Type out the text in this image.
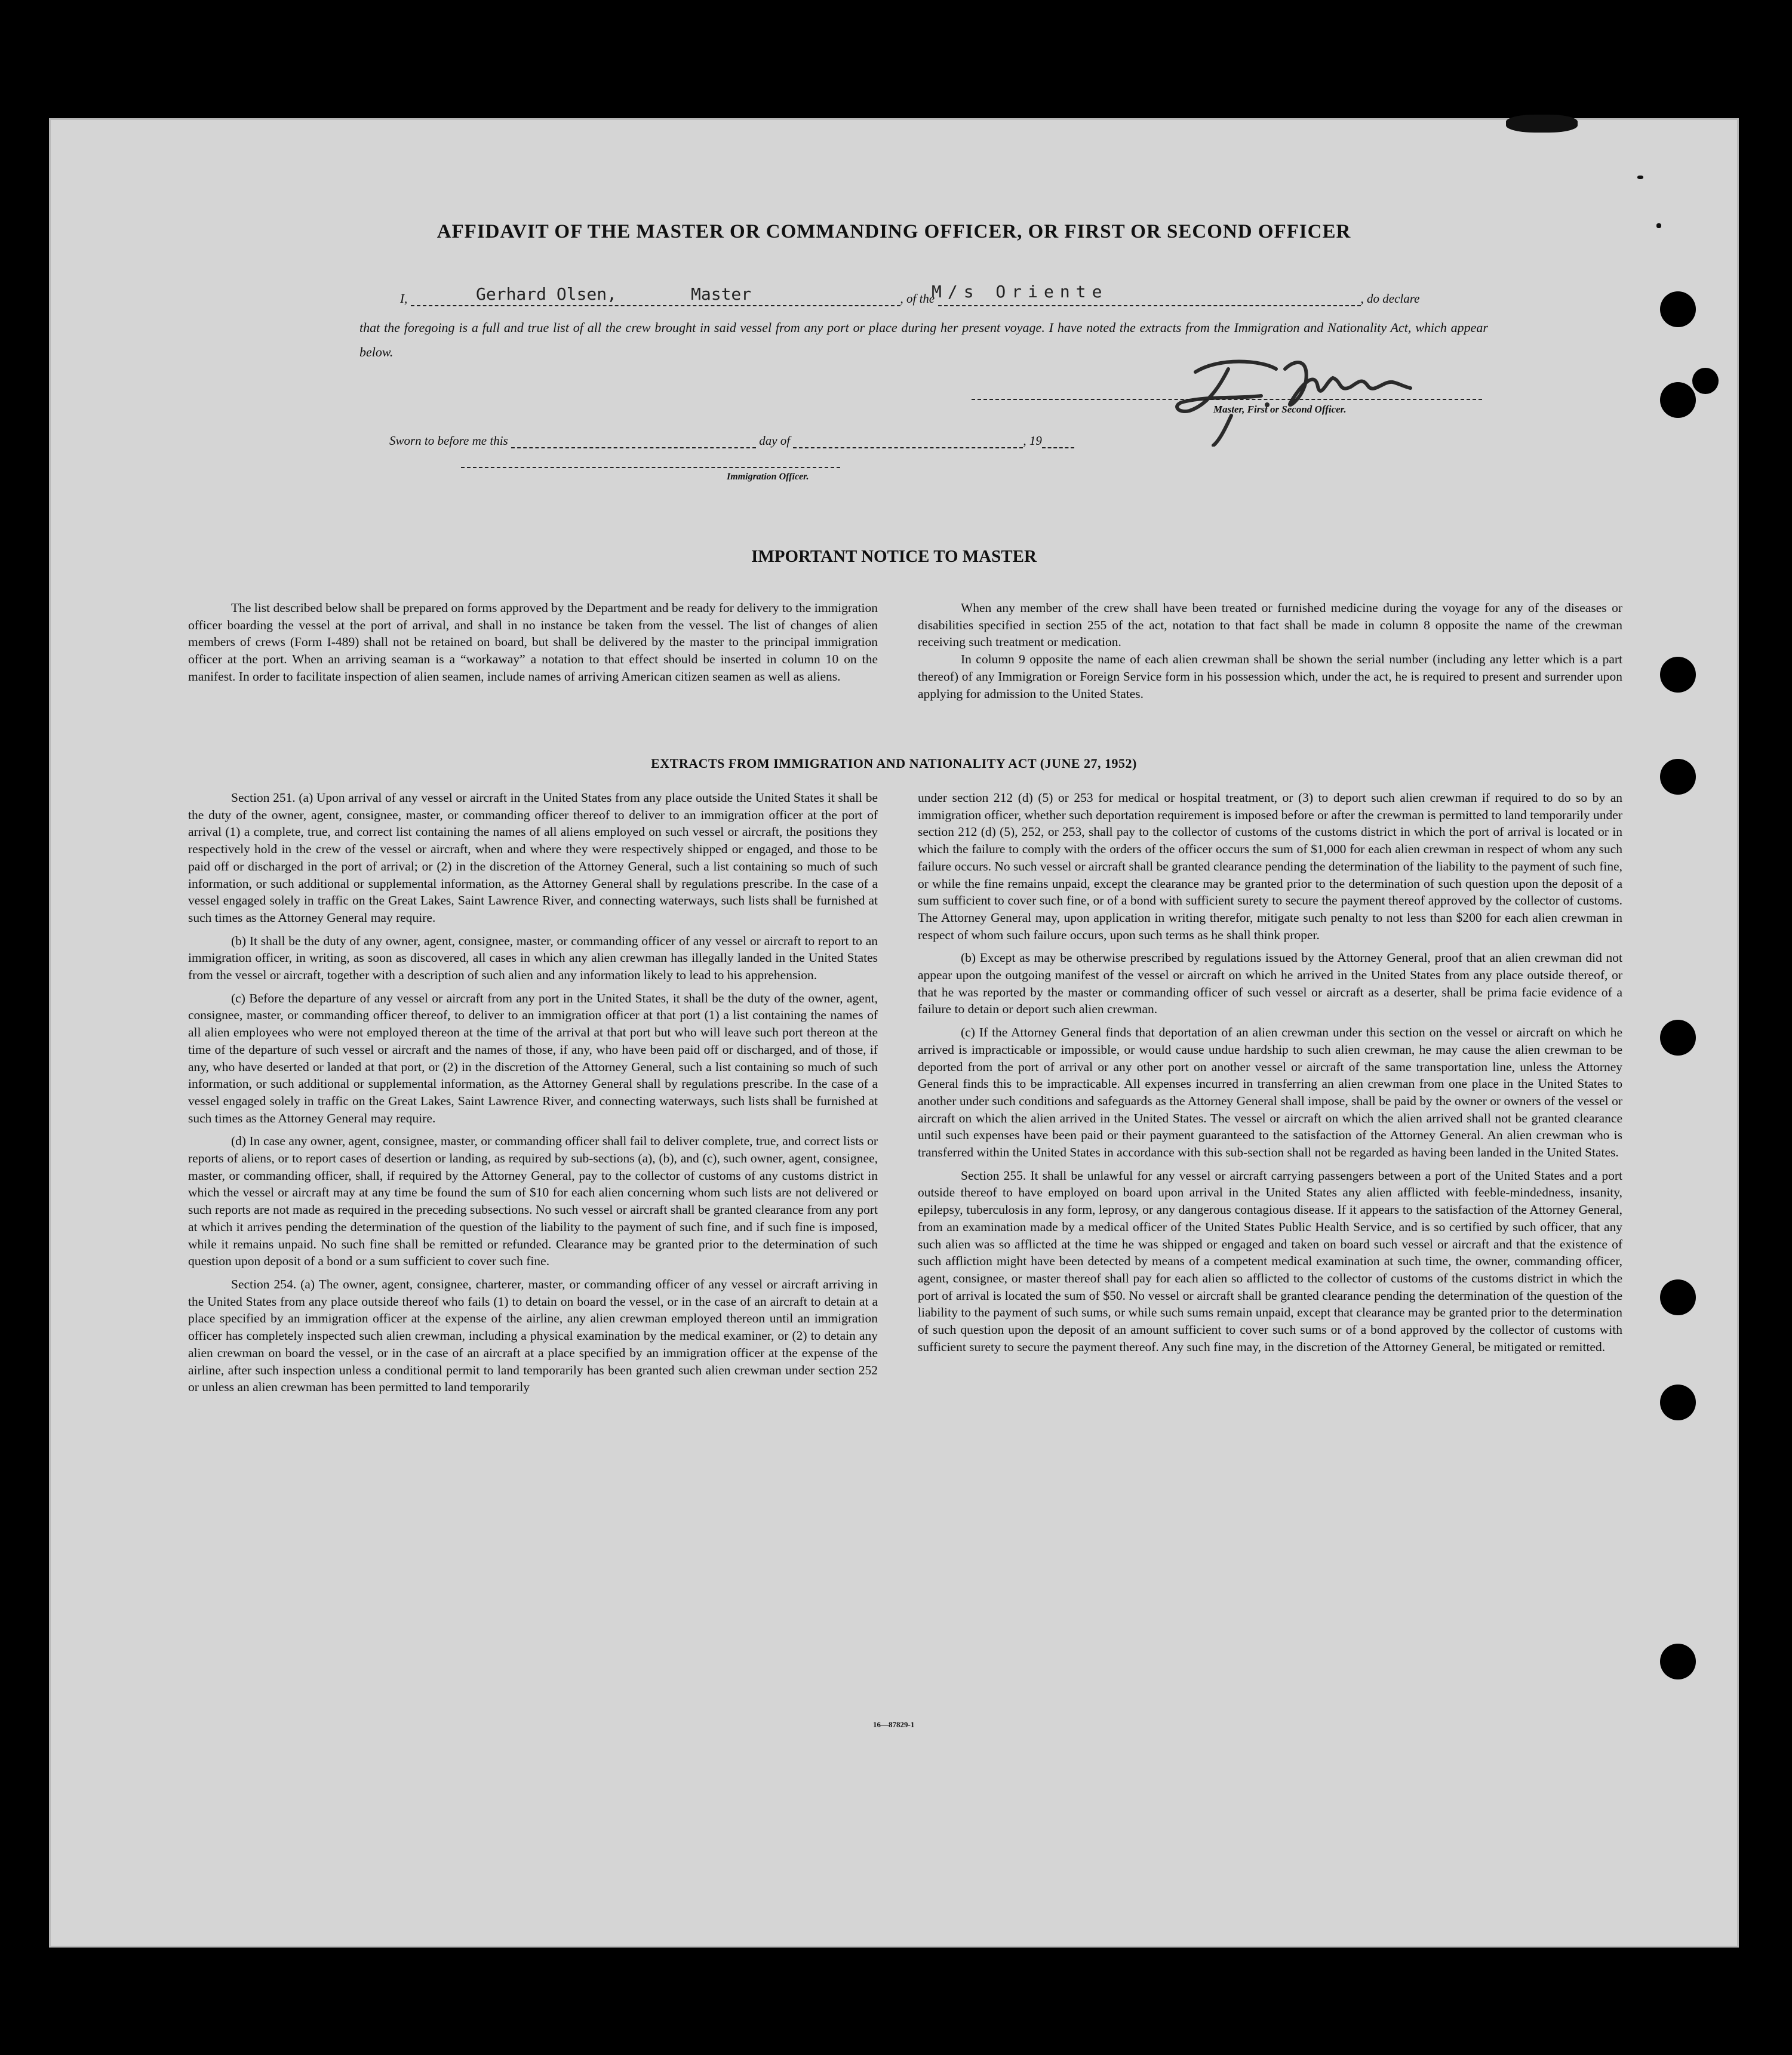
AFFIDAVIT OF THE MASTER OR COMMANDING OFFICER, OR FIRST OR SECOND OFFICER
I,	, of the	, do declare
Gerhard Olsen,	Master	M/s Oriente
that the foregoing is a full and true list of all the crew brought in said vessel from any port or place during her present voyage. I have noted the extracts from the Immigration and Nationality Act, which appear below.
Master, First or Second Officer.
Sworn to before me this	day of	, 19
Immigration Officer.
IMPORTANT NOTICE TO MASTER

The list described below shall be prepared on forms approved by the Department and be ready for delivery to the immigration officer boarding the vessel at the port of arrival, and shall in no instance be taken from the vessel. The list of changes of alien members of crews (Form I-489) shall not be retained on board, but shall be delivered by the master to the principal immigration officer at the port. When an arriving seaman is a “workaway” a notation to that effect should be inserted in column 10 on the manifest. In order to facilitate inspection of alien seamen, include names of arriving American citizen seamen as well as aliens.

When any member of the crew shall have been treated or furnished medicine during the voyage for any of the diseases or disabilities specified in section 255 of the act, notation to that fact shall be made in column 8 opposite the name of the crewman receiving such treatment or medication.

In column 9 opposite the name of each alien crewman shall be shown the serial number (including any letter which is a part thereof) of any Immigration or Foreign Service form in his possession which, under the act, he is required to present and surrender upon applying for admission to the United States.

EXTRACTS FROM IMMIGRATION AND NATIONALITY ACT (JUNE 27, 1952)

Section 251. (a) Upon arrival of any vessel or aircraft in the United States from any place outside the United States it shall be the duty of the owner, agent, consignee, master, or commanding officer thereof to deliver to an immigration officer at the port of arrival (1) a complete, true, and correct list containing the names of all aliens employed on such vessel or aircraft, the positions they respectively hold in the crew of the vessel or aircraft, when and where they were respectively shipped or engaged, and those to be paid off or discharged in the port of arrival; or (2) in the discretion of the Attorney General, such a list containing so much of such information, or such additional or supplemental information, as the Attorney General shall by regulations prescribe. In the case of a vessel engaged solely in traffic on the Great Lakes, Saint Lawrence River, and connecting waterways, such lists shall be furnished at such times as the Attorney General may require.

(b) It shall be the duty of any owner, agent, consignee, master, or commanding officer of any vessel or aircraft to report to an immigration officer, in writing, as soon as discovered, all cases in which any alien crewman has illegally landed in the United States from the vessel or aircraft, together with a description of such alien and any information likely to lead to his apprehension.

(c) Before the departure of any vessel or aircraft from any port in the United States, it shall be the duty of the owner, agent, consignee, master, or commanding officer thereof, to deliver to an immigration officer at that port (1) a list containing the names of all alien employees who were not employed thereon at the time of the arrival at that port but who will leave such port thereon at the time of the departure of such vessel or aircraft and the names of those, if any, who have been paid off or discharged, and of those, if any, who have deserted or landed at that port, or (2) in the discretion of the Attorney General, such a list containing so much of such information, or such additional or supplemental information, as the Attorney General shall by regulations prescribe. In the case of a vessel engaged solely in traffic on the Great Lakes, Saint Lawrence River, and connecting waterways, such lists shall be furnished at such times as the Attorney General may require.

(d) In case any owner, agent, consignee, master, or commanding officer shall fail to deliver complete, true, and correct lists or reports of aliens, or to report cases of desertion or landing, as required by sub-sections (a), (b), and (c), such owner, agent, consignee, master, or commanding officer, shall, if required by the Attorney General, pay to the collector of customs of any customs district in which the vessel or aircraft may at any time be found the sum of $10 for each alien concerning whom such lists are not delivered or such reports are not made as required in the preceding subsections. No such vessel or aircraft shall be granted clearance from any port at which it arrives pending the determination of the question of the liability to the payment of such fine, and if such fine is imposed, while it remains unpaid. No such fine shall be remitted or refunded. Clearance may be granted prior to the determination of such question upon deposit of a bond or a sum sufficient to cover such fine.

Section 254. (a) The owner, agent, consignee, charterer, master, or commanding officer of any vessel or aircraft arriving in the United States from any place outside thereof who fails (1) to detain on board the vessel, or in the case of an aircraft to detain at a place specified by an immigration officer at the expense of the airline, any alien crewman employed thereon until an immigration officer has completely inspected such alien crewman, including a physical examination by the medical examiner, or (2) to detain any alien crewman on board the vessel, or in the case of an aircraft at a place specified by an immigration officer at the expense of the airline, after such inspection unless a conditional permit to land temporarily has been granted such alien crewman under section 252 or unless an alien crewman has been permitted to land temporarily

under section 212 (d) (5) or 253 for medical or hospital treatment, or (3) to deport such alien crewman if required to do so by an immigration officer, whether such deportation requirement is imposed before or after the crewman is permitted to land temporarily under section 212 (d) (5), 252, or 253, shall pay to the collector of customs of the customs district in which the port of arrival is located or in which the failure to comply with the orders of the officer occurs the sum of $1,000 for each alien crewman in respect of whom any such failure occurs. No such vessel or aircraft shall be granted clearance pending the determination of the liability to the payment of such fine, or while the fine remains unpaid, except the clearance may be granted prior to the determination of such question upon the deposit of a sum sufficient to cover such fine, or of a bond with sufficient surety to secure the payment thereof approved by the collector of customs. The Attorney General may, upon application in writing therefor, mitigate such penalty to not less than $200 for each alien crewman in respect of whom such failure occurs, upon such terms as he shall think proper.

(b) Except as may be otherwise prescribed by regulations issued by the Attorney General, proof that an alien crewman did not appear upon the outgoing manifest of the vessel or aircraft on which he arrived in the United States from any place outside thereof, or that he was reported by the master or commanding officer of such vessel or aircraft as a deserter, shall be prima facie evidence of a failure to detain or deport such alien crewman.

(c) If the Attorney General finds that deportation of an alien crewman under this section on the vessel or aircraft on which he arrived is impracticable or impossible, or would cause undue hardship to such alien crewman, he may cause the alien crewman to be deported from the port of arrival or any other port on another vessel or aircraft of the same transportation line, unless the Attorney General finds this to be impracticable. All expenses incurred in transferring an alien crewman from one place in the United States to another under such conditions and safeguards as the Attorney General shall impose, shall be paid by the owner or owners of the vessel or aircraft on which the alien arrived in the United States. The vessel or aircraft on which the alien arrived shall not be granted clearance until such expenses have been paid or their payment guaranteed to the satisfaction of the Attorney General. An alien crewman who is transferred within the United States in accordance with this sub-section shall not be regarded as having been landed in the United States.

Section 255. It shall be unlawful for any vessel or aircraft carrying passengers between a port of the United States and a port outside thereof to have employed on board upon arrival in the United States any alien afflicted with feeble-mindedness, insanity, epilepsy, tuberculosis in any form, leprosy, or any dangerous contagious disease. If it appears to the satisfaction of the Attorney General, from an examination made by a medical officer of the United States Public Health Service, and is so certified by such officer, that any such alien was so afflicted at the time he was shipped or engaged and taken on board such vessel or aircraft and that the existence of such affliction might have been detected by means of a competent medical examination at such time, the owner, commanding officer, agent, consignee, or master thereof shall pay for each alien so afflicted to the collector of customs of the customs district in which the port of arrival is located the sum of $50. No vessel or aircraft shall be granted clearance pending the determination of the question of the liability to the payment of such sums, or while such sums remain unpaid, except that clearance may be granted prior to the determination of such question upon the deposit of an amount sufficient to cover such sums or of a bond approved by the collector of customs with sufficient surety to secure the payment thereof. Any such fine may, in the discretion of the Attorney General, be mitigated or remitted.

16—87829-1
